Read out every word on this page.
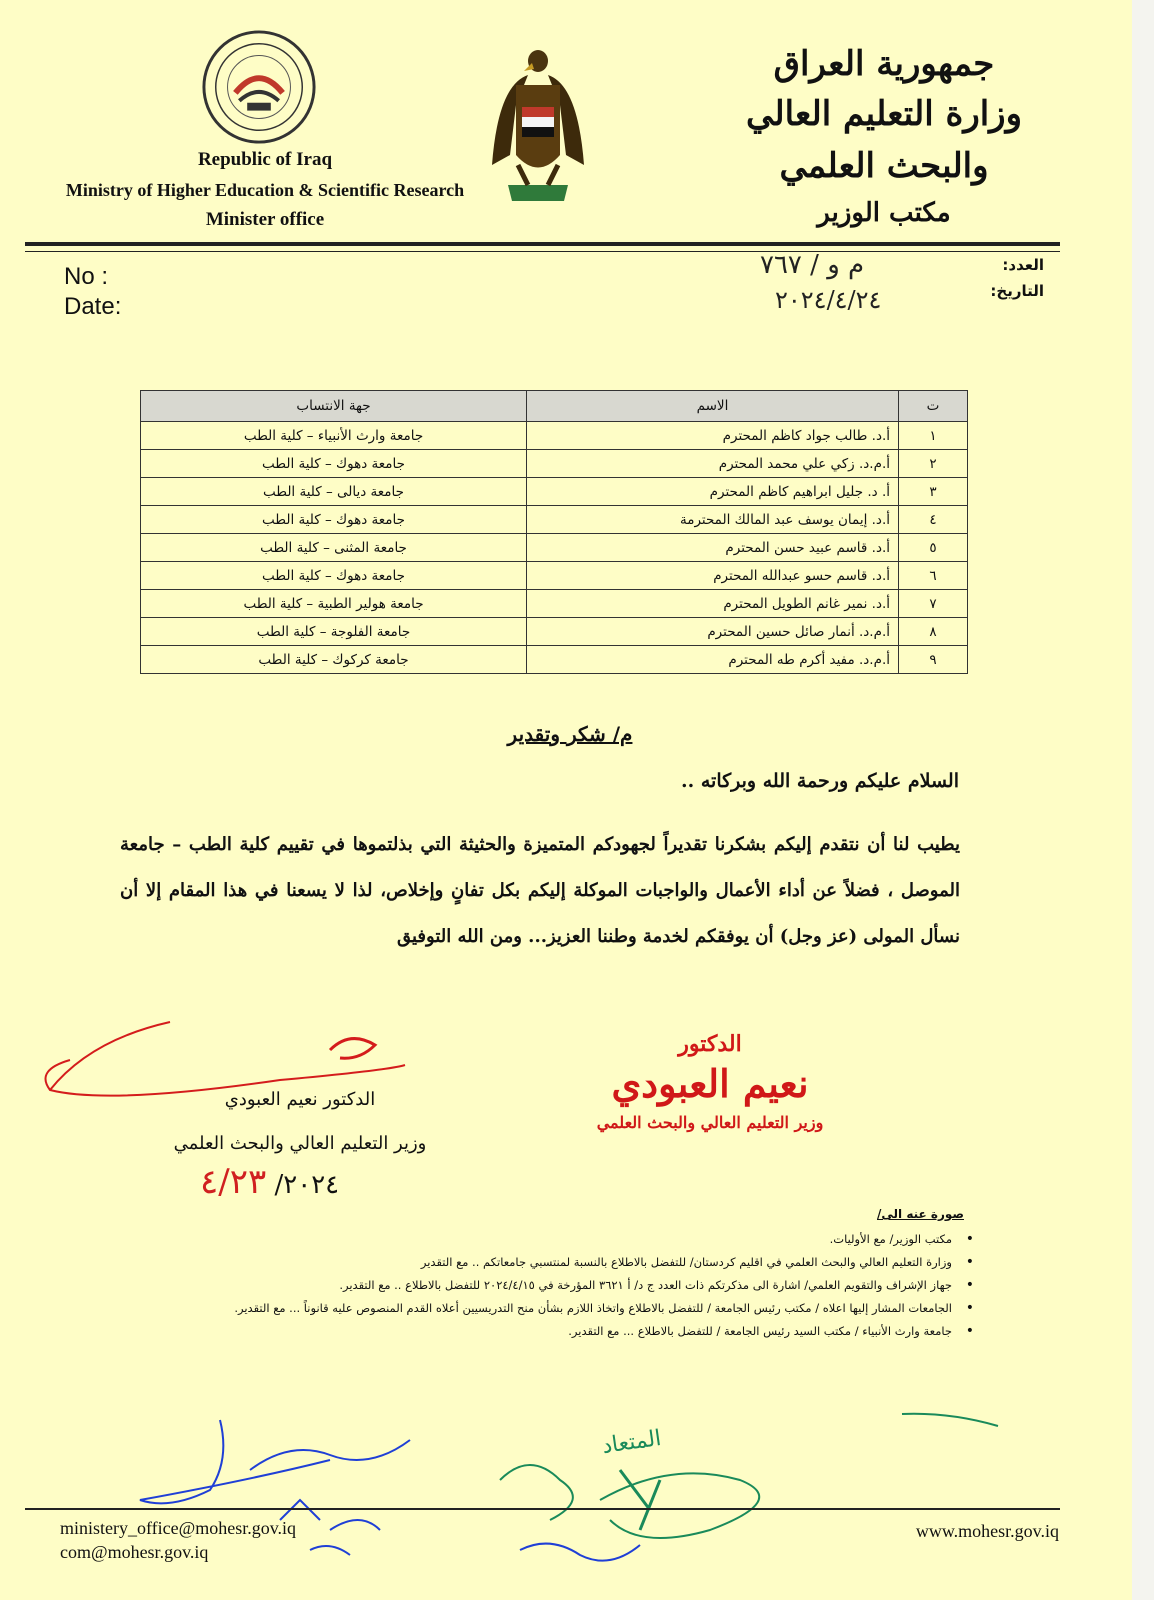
Republic of Iraq
Ministry of Higher Education & Scientific Research
Minister office
جمهورية العراق
وزارة التعليم العالي والبحث العلمي
مكتب الوزير
No :
Date:
العدد:
التاريخ:
م و / ٧٦٧
٢٠٢٤/٤/٢٤
ت	الاسم	جهة الانتساب
١	أ.د. طالب جواد كاظم المحترم	جامعة وارث الأنبياء – كلية الطب
٢	أ.م.د. زكي علي محمد المحترم	جامعة دهوك – كلية الطب
٣	أ. د. جليل ابراهيم كاظم المحترم	جامعة ديالى – كلية الطب
٤	أ.د. إيمان يوسف عبد المالك المحترمة	جامعة دهوك – كلية الطب
٥	أ.د. قاسم عبيد حسن المحترم	جامعة المثنى – كلية الطب
٦	أ.د. قاسم حسو عبدالله المحترم	جامعة دهوك – كلية الطب
٧	أ.د. نمير غانم الطويل المحترم	جامعة هولير الطبية – كلية الطب
٨	أ.م.د. أنمار صائل حسين المحترم	جامعة الفلوجة – كلية الطب
٩	أ.م.د. مفيد أكرم طه المحترم	جامعة كركوك – كلية الطب
م/ شكر وتقدير
السلام عليكم ورحمة الله وبركاته ..
يطيب لنا أن نتقدم إليكم بشكرنا تقديراً لجهودكم المتميزة والحثيثة التي بذلتموها في تقييم كلية الطب – جامعة الموصل ، فضلاً عن أداء الأعمال والواجبات الموكلة إليكم بكل تفانٍ وإخلاص، لذا لا يسعنا في هذا المقام إلا أن نسأل المولى (عز وجل) أن يوفقكم لخدمة وطننا العزيز... ومن الله التوفيق
الدكتور نعيم العبودي
وزير التعليم العالي والبحث العلمي
٢٠٢٤/ ٤/٢٣
الدكتور
نعيم العبودي
وزير التعليم العالي والبحث العلمي
صورة عنه الى/
• مكتب الوزير/ مع الأوليات.
• وزارة التعليم العالي والبحث العلمي في اقليم كردستان/ للتفضل بالاطلاع بالنسبة لمنتسبي جامعاتكم .. مع التقدير
• جهاز الإشراف والتقويم العلمي/ اشارة الى مذكرتكم ذات العدد ج د/ أ ٣٦٢١ المؤرخة في ٢٠٢٤/٤/١٥ للتفضل بالاطلاع .. مع التقدير.
• الجامعات المشار إليها اعلاه / مكتب رئيس الجامعة / للتفضل بالاطلاع واتخاذ اللازم بشأن منح التدريسيين أعلاه القدم المنصوص عليه قانوناً ... مع التقدير.
• جامعة وارث الأنبياء / مكتب السيد رئيس الجامعة / للتفضل بالاطلاع ... مع التقدير.
المتعاد
ministery_office@mohesr.gov.iq
com@mohesr.gov.iq
www.mohesr.gov.iq
